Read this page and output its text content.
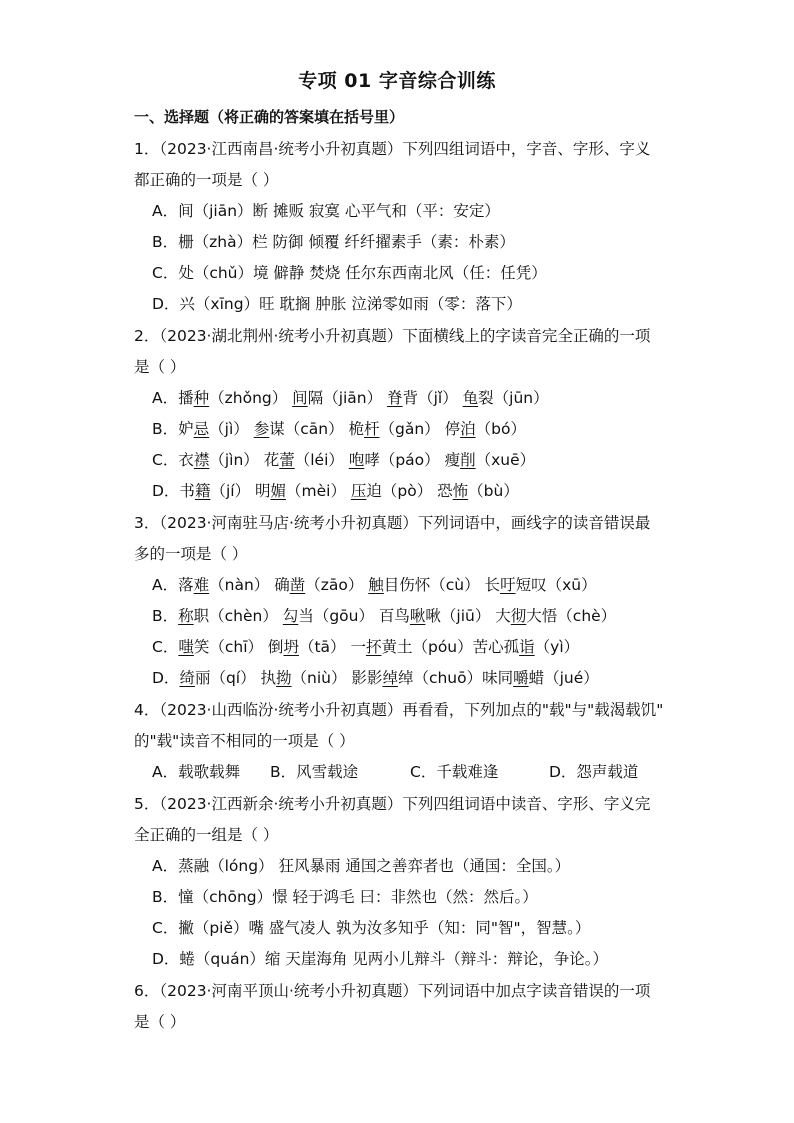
专项 01 字音综合训练
一、选择题（将正确的答案填在括号里）
1．（2023·江西南昌·统考小升初真题）下列四组词语中，字音、字形、字义
都正确的一项是（ ）
A．间（jiān）断 摊贩 寂寞 心平气和（平：安定）
B．栅（zhà）栏 防御 倾覆 纤纤擢素手（素：朴素）
C．处（chǔ）境 僻静 焚烧 任尔东西南北风（任：任凭）
D．兴（xīng）旺 耽搁 肿胀 泣涕零如雨（零：落下）
2．（2023·湖北荆州·统考小升初真题）下面横线上的字读音完全正确的一项
是（ ）
A．播种（zhǒng） 间隔（jiān） 脊背（jǐ） 龟裂（jūn）
B．妒忌（jì） 参谋（cān） 桅杆（gǎn） 停泊（bó）
C．衣襟（jìn） 花蕾（léi） 咆哮（páo） 瘦削（xuē）
D．书籍（jí） 明媚（mèi） 压迫（pò） 恐怖（bù）
3．（2023·河南驻马店·统考小升初真题）下列词语中，画线字的读音错误最
多的一项是（ ）
A．落难（nàn） 确凿（zāo） 触目伤怀（cù） 长吁短叹（xū）
B．称职（chèn） 勾当（gōu） 百鸟啾啾（jiū） 大彻大悟（chè）
C．嗤笑（chī） 倒坍（tā） 一抔黄土（póu）苦心孤诣（yì）
D．绮丽（qí） 执拗（niù） 影影绰绰（chuō）味同嚼蜡（jué）
4．（2023·山西临汾·统考小升初真题）再看看，下列加点的"载"与"载渴载饥"
的"载"读音不相同的一项是（ ）
A．载歌载舞 B．风雪载途	C．千载难逢	D．怨声载道
5．（2023·江西新余·统考小升初真题）下列四组词语中读音、字形、字义完
全正确的一组是（ ）
A．蒸融（lóng） 狂风暴雨 通国之善弈者也（通国：全国。）
B．憧（chōng）憬 轻于鸿毛 曰：非然也（然：然后。）
C．撇（piě）嘴 盛气凌人 孰为汝多知乎（知：同"智"，智慧。）
D．蜷（quán）缩 天崖海角 见两小儿辩斗（辩斗：辩论，争论。）
6．（2023·河南平顶山·统考小升初真题）下列词语中加点字读音错误的一项
是（ ）
